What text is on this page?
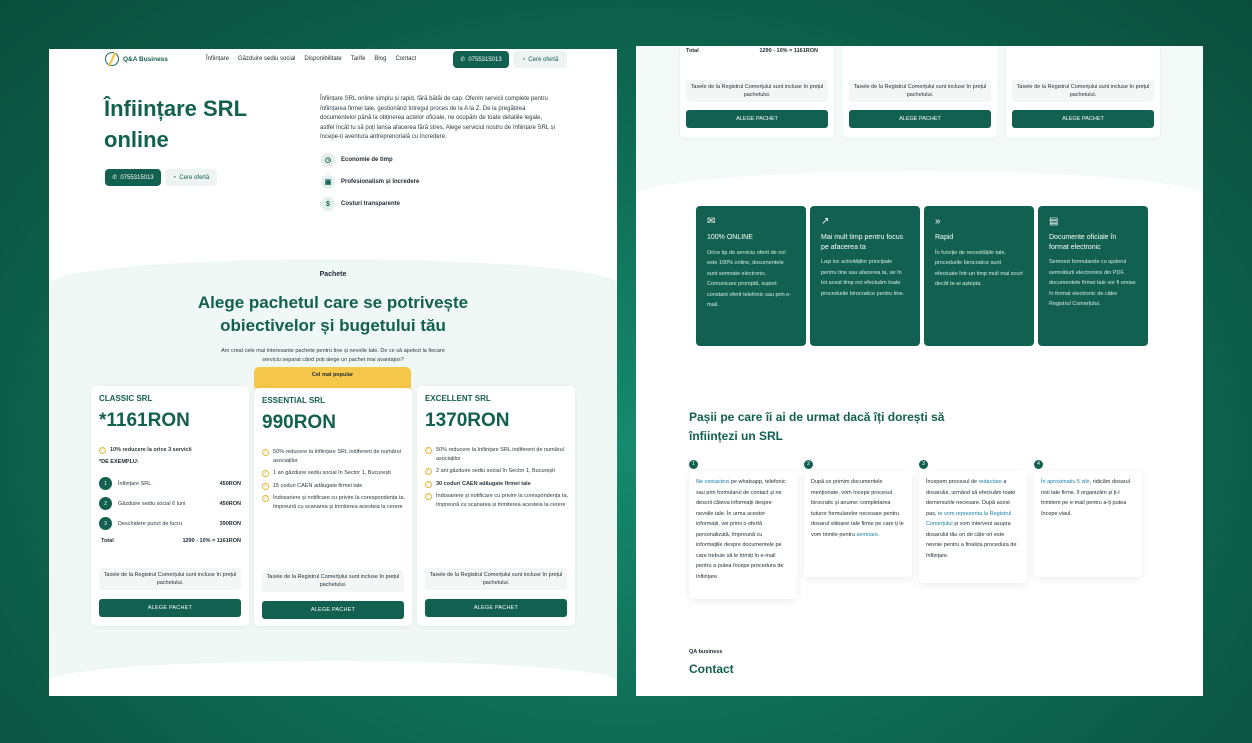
Q&A Business	Înființare Găzduire sediu social Disponibilitate Tarife Blog Contact	✆ 0755315013	◔ Cere ofertă
Înființare SRL online
✆ 0755315013	◔ Cere ofertă

Înființare SRL online simplu și rapid, fără bătăi de cap. Oferim servicii complete pentru înființarea firmei tale, gestionând întregul proces de la A la Z. De la pregătirea documentelor până la obținerea actelor oficiale, ne ocupăm de toate detaliile legale, astfel încât tu să poți lansa afacerea fără stres. Alege serviciul nostru de înființare SRL și începe-ți aventura antreprenorială cu încredere.

◷	Economie de timp
▣	Profesionalism și încredere
$	Costuri transparente
Pachete
Alege pachetul care se potrivește obiectivelor și bugetului tău

Am creat cele mai interesante pachete pentru tine și nevoile tale. De ce să apelezi la fiecare serviciu separat când poți alege un pachet mai avantajos?

CLASSIC SRL
*1161RON
✓ 10% reducere la orice 3 servicii
*DE EXEMPLU:
1	Înființare SRL	450RON
2	Găzduire sediu social 6 luni	450RON
3	Deschidere punct de lucru	390RON
Total	1290 - 10% = 1161RON
Taxele de la Registrul Comerțului sunt incluse în prețul pachetului.
ALEGE PACHET
Cel mai popular
ESSENTIAL SRL
990RON
✓ 50% reducere la înființare SRL indiferent de numărul asociaților
✓ 1 an găzduire sediu social în Sector 1, București
✓ 15 coduri CAEN adăugate firmei tale
✓ Îndosariere și notificare cu privire la corespondența ta, împreună cu scanarea și trimiterea acesteia la cerere
Taxele de la Registrul Comerțului sunt incluse în prețul pachetului.
ALEGE PACHET
EXCELLENT SRL
1370RON
✓ 50% reducere la înființare SRL indiferent de numărul asociaților
✓ 2 ani găzduire sediu social în Sector 1, București
✓ 30 coduri CAEN adăugate firmei tale
✓ Îndosariere și notificare cu privire la corespondența ta, împreună cu scanarea și trimiterea acesteia la cerere
Taxele de la Registrul Comerțului sunt incluse în prețul pachetului.
ALEGE PACHET
Total	1290 - 10% = 1161RON
Taxele de la Registrul Comerțului sunt incluse în prețul pachetului.
ALEGE PACHET
Taxele de la Registrul Comerțului sunt incluse în prețul pachetului.
ALEGE PACHET
Taxele de la Registrul Comerțului sunt incluse în prețul pachetului.
ALEGE PACHET
✉
100% ONLINE
Orice tip de serviciu oferit de noi este 100% online, documentele sunt semnate electronic. Comunicare promptă, suport constant oferit telefonic sau prin e-mail.
↗
Mai mult timp pentru focus pe afacerea ta
Lași loc activităților principale pentru tine sau afacerea ta, iar în tot acest timp noi efectuăm toate procedurile birocratice pentru tine.
»
Rapid
În funcție de necesitățile tale, procedurile birocratice sunt efectuate într-un timp mult mai scurt decât te-ai aștepta.
▤
Documente oficiale în format electronic
Semnezi formularele cu ajutorul semnăturii electronice din PDF, documentele firmei tale vor fi emise în format electronic de către Registrul Comerțului.
Pașii pe care îi ai de urmat dacă îți dorești să înființezi un SRL
1
Ne contactezi pe whatsapp, telefonic sau prin formularul de contact și ne descrii câteva informații despre nevoile tale. În urma acestor informații, vei primi o ofertă personalizată, împreună cu informațiile despre documentele pe care trebuie să le trimiți în e-mail pentru a putea începe procedura de înființare.
2
După ce primim documentele menționate, vom începe procesul birocratic și anume: completarea tuturor formularelor necesare pentru dosarul viitoarei tale firme pe care ți le vom trimite pentru semnare.
3
Începem procesul de redactare a dosarului, urmând să efectuăm toate demersurile necesare. După acest pas, te vom reprezenta la Registrul Comerțului și vom interveni asupra dosarului tău ori de câte ori este nevoie pentru a finaliza procedura de înființare.
4
În aproximativ 5 zile, ridicăm dosarul noii tale firme, îl organizăm și ți-l trimitem pe e-mail pentru a-ți putea începe viaul.
QA business
Contact
